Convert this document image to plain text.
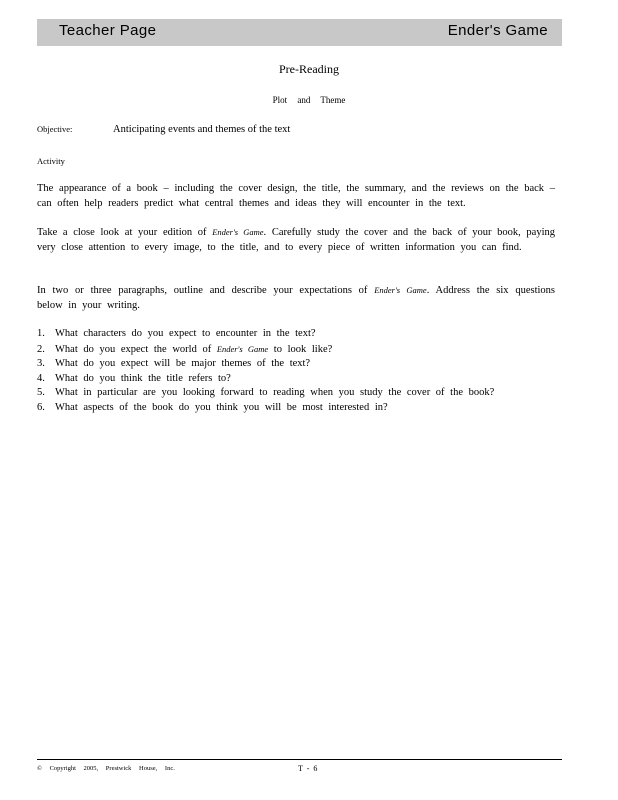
Teacher Page	Ender's Game
Pre-Reading
Plot and Theme
Objective:	Anticipating events and themes of the text
Activity
The appearance of a book – including the cover design, the title, the summary, and the reviews on the back – can often help readers predict what central themes and ideas they will encounter in the text.
Take a close look at your edition of Ender's Game. Carefully study the cover and the back of your book, paying very close attention to every image, to the title, and to every piece of written information you can find.
In two or three paragraphs, outline and describe your expectations of Ender's Game. Address the six questions below in your writing.
1. What characters do you expect to encounter in the text?
2. What do you expect the world of Ender's Game to look like?
3. What do you expect will be major themes of the text?
4. What do you think the title refers to?
5. What in particular are you looking forward to reading when you study the cover of the book?
6. What aspects of the book do you think you will be most interested in?
© Copyright 2005, Prestwick House, Inc.	T - 6
